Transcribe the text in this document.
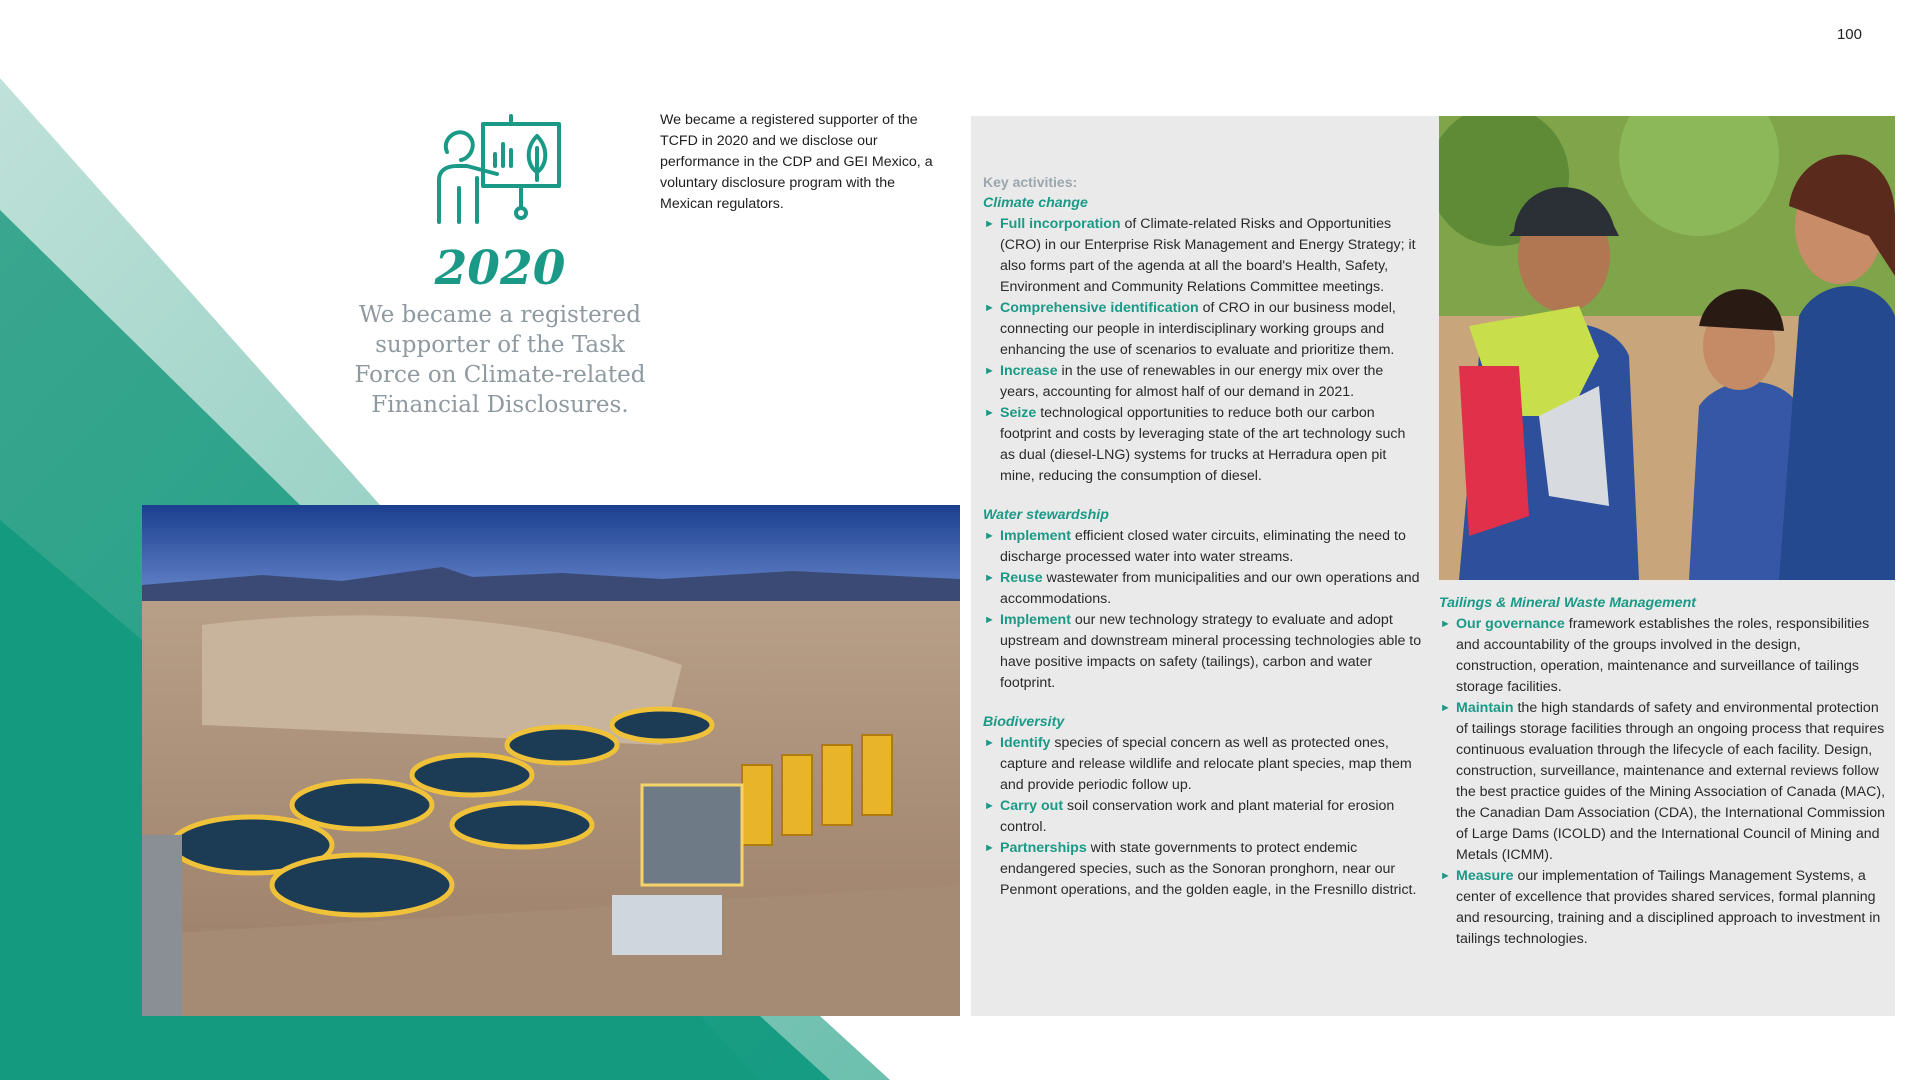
100
2020
We became a registered supporter of the Task Force on Climate-related Financial Disclosures.
We became a registered supporter of the TCFD in 2020 and we disclose our performance in the CDP and GEI Mexico, a voluntary disclosure program with the Mexican regulators.
Key activities:
Climate change
► Full incorporation of Climate-related Risks and Opportunities (CRO) in our Enterprise Risk Management and Energy Strategy; it also forms part of the agenda at all the board's Health, Safety, Environment and Community Relations Committee meetings.
► Comprehensive identification of CRO in our business model, connecting our people in interdisciplinary working groups and enhancing the use of scenarios to evaluate and prioritize them.
► Increase in the use of renewables in our energy mix over the years, accounting for almost half of our demand in 2021.
► Seize technological opportunities to reduce both our carbon footprint and costs by leveraging state of the art technology such as dual (diesel-LNG) systems for trucks at Herradura open pit mine, reducing the consumption of diesel.
Water stewardship
► Implement efficient closed water circuits, eliminating the need to discharge processed water into water streams.
► Reuse wastewater from municipalities and our own operations and accommodations.
► Implement our new technology strategy to evaluate and adopt upstream and downstream mineral processing technologies able to have positive impacts on safety (tailings), carbon and water footprint.
Biodiversity
► Identify species of special concern as well as protected ones, capture and release wildlife and relocate plant species, map them and provide periodic follow up.
► Carry out soil conservation work and plant material for erosion control.
► Partnerships with state governments to protect endemic endangered species, such as the Sonoran pronghorn, near our Penmont operations, and the golden eagle, in the Fresnillo district.
Tailings & Mineral Waste Management
► Our governance framework establishes the roles, responsibilities and accountability of the groups involved in the design, construction, operation, maintenance and surveillance of tailings storage facilities.
► Maintain the high standards of safety and environmental protection of tailings storage facilities through an ongoing process that requires continuous evaluation through the lifecycle of each facility. Design, construction, surveillance, maintenance and external reviews follow the best practice guides of the Mining Association of Canada (MAC), the Canadian Dam Association (CDA), the International Commission of Large Dams (ICOLD) and the International Council of Mining and Metals (ICMM).
► Measure our implementation of Tailings Management Systems, a center of excellence that provides shared services, formal planning and resourcing, training and a disciplined approach to investment in tailings technologies.
